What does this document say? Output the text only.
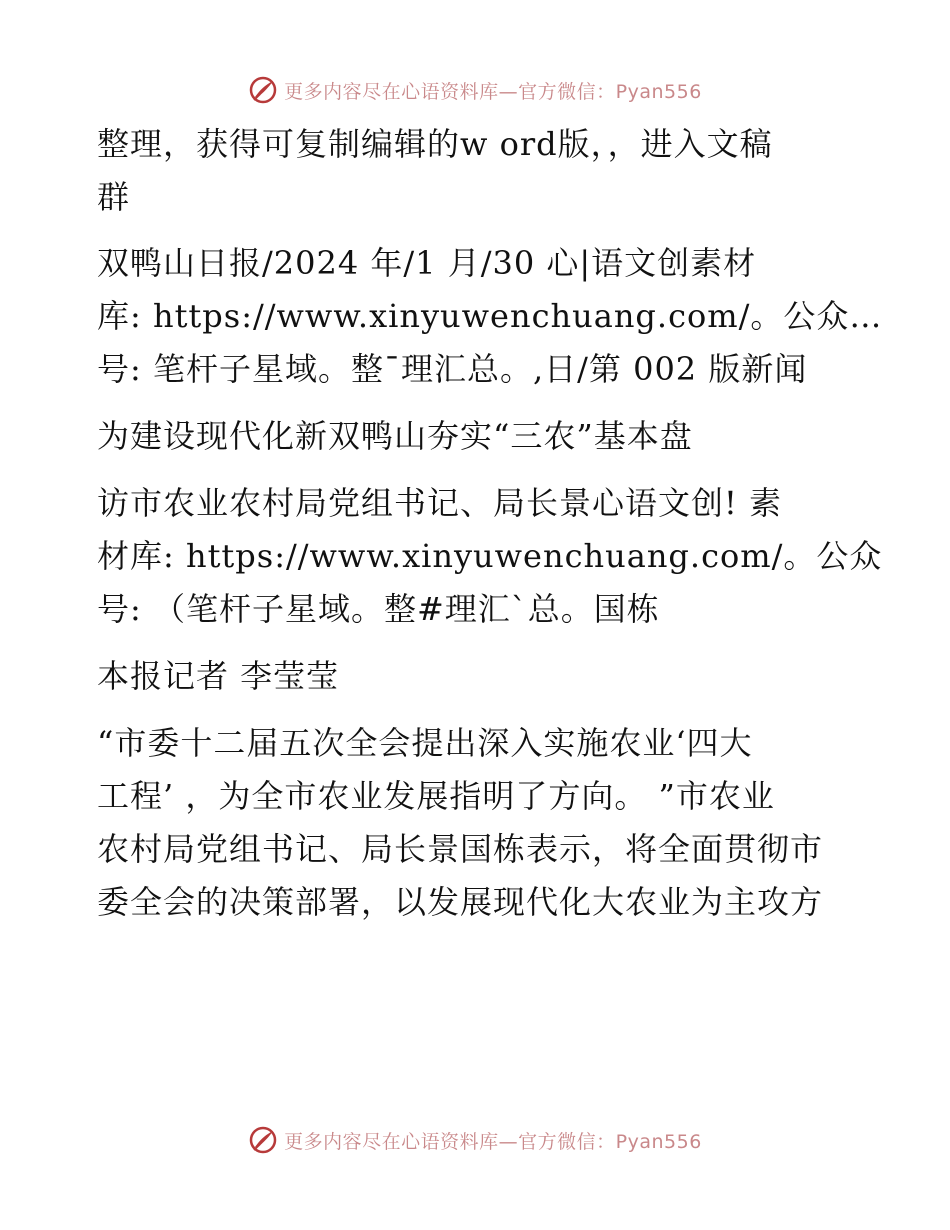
更多内容尽在心语资料库—官方微信：Pyan556
整理，获得可复制编辑的w ord版，，进入文稿
群
双鸭山日报/2024 年/1 月/30 心|语文创素材
库: https://www.xinyuwenchuang.com/。公众…
号: 笔杆子星域。整¯理汇总。,日/第 002 版新闻
为建设现代化新双鸭山夯实“三农”基本盘
访市农业农村局党组书记、局长景心语文创! 素
材库: https://www.xinyuwenchuang.com/。公众
号: （笔杆子星域。整#理汇`总。国栋
本报记者 李莹莹
“市委十二届五次全会提出深入实施农业‘四大
工程’ ，为全市农业发展指明了方向。 ”市农业
农村局党组书记、局长景国栋表示，将全面贯彻市
委全会的决策部署，以发展现代化大农业为主攻方
更多内容尽在心语资料库—官方微信：Pyan556
